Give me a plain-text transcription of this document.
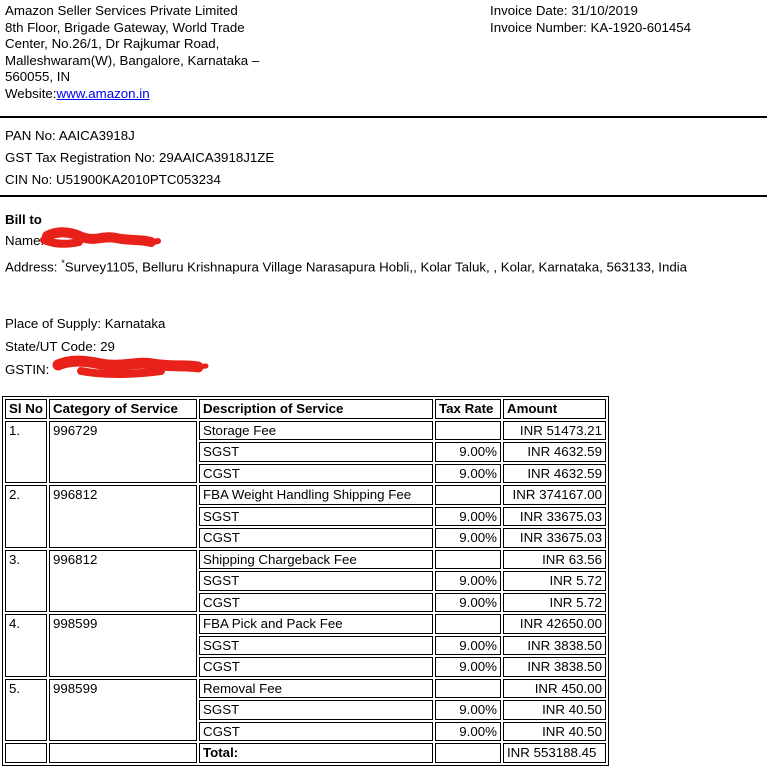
Amazon Seller Services Private Limited
8th Floor, Brigade Gateway, World Trade
Center, No.26/1, Dr Rajkumar Road,
Malleshwaram(W), Bangalore, Karnataka –
560055, IN
Website:www.amazon.in
Invoice Date: 31/10/2019
Invoice Number: KA-1920-601454
PAN No: AAICA3918J
GST Tax Registration No: 29AAICA3918J1ZE
CIN No: U51900KA2010PTC053234
Bill to
Name:
Address: *Survey1105, Belluru Krishnapura Village Narasapura Hobli,, Kolar Taluk, , Kolar, Karnataka, 563133, India
Place of Supply: Karnataka
State/UT Code: 29
GSTIN:
Sl No	Category of Service	Description of Service	Tax Rate	Amount
1.	996729	Storage Fee		INR 51473.21
		SGST	9.00%	INR 4632.59
		CGST	9.00%	INR 4632.59
2.	996812	FBA Weight Handling Shipping Fee		INR 374167.00
		SGST	9.00%	INR 33675.03
		CGST	9.00%	INR 33675.03
3.	996812	Shipping Chargeback Fee		INR 63.56
		SGST	9.00%	INR 5.72
		CGST	9.00%	INR 5.72
4.	998599	FBA Pick and Pack Fee		INR 42650.00
		SGST	9.00%	INR 3838.50
		CGST	9.00%	INR 3838.50
5.	998599	Removal Fee		INR 450.00
		SGST	9.00%	INR 40.50
		CGST	9.00%	INR 40.50
		Total:		INR 553188.45
